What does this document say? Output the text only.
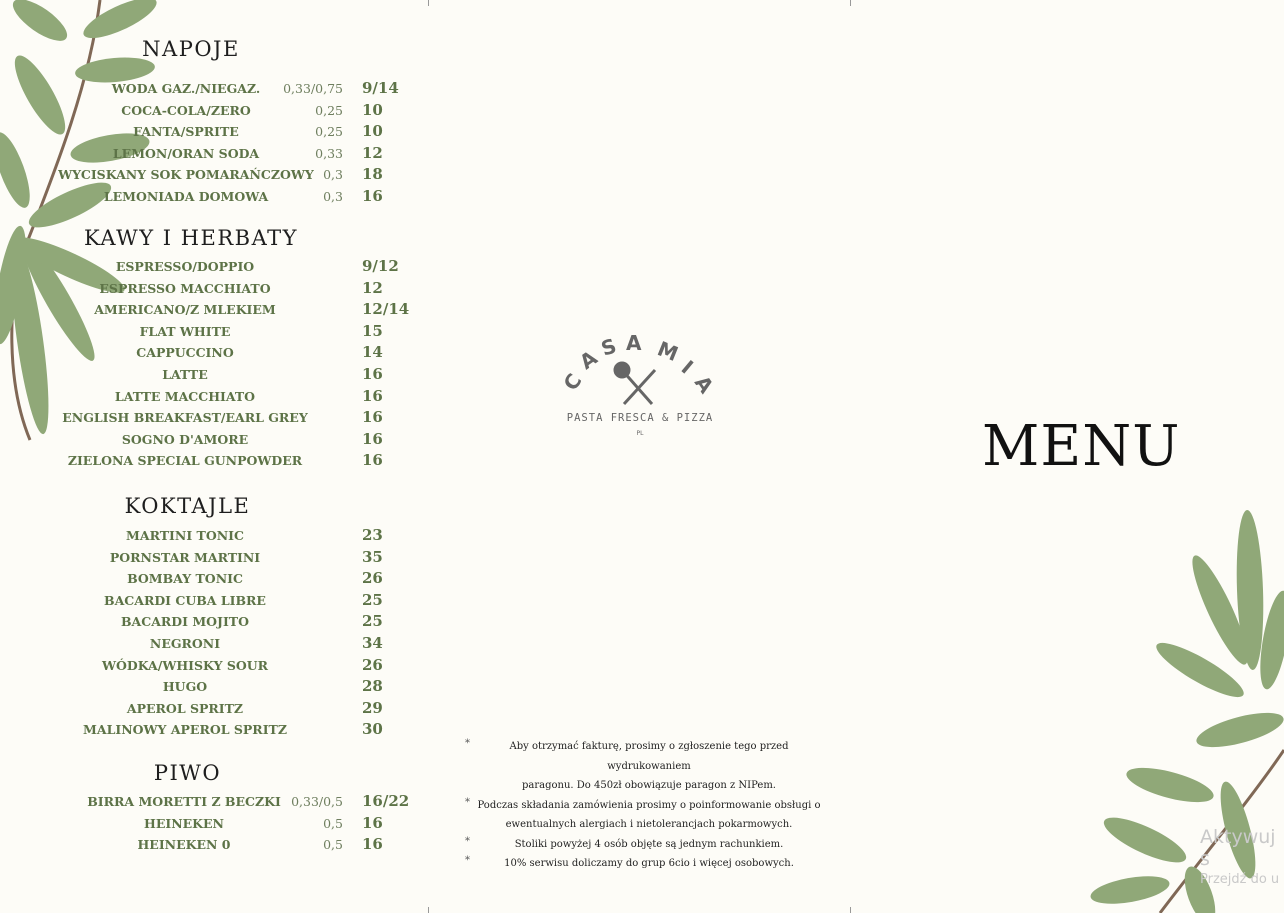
NAPOJE
WODA GAZ./NIEGAZ.	0,33/0,75 9/14
COCA-COLA/ZERO	0,25 10
FANTA/SPRITE	0,25 10
LEMON/ORAN SODA	0,33 12
WYCISKANY SOK POMARAŃCZOWY 0,3 18
LEMONIADA DOMOWA	0,3 16
KAWY I HERBATY
ESPRESSO/DOPPIO	9/12
ESPRESSO MACCHIATO	12
AMERICANO/Z MLEKIEM	12/14
FLAT WHITE	15
CAPPUCCINO	14
LATTE	16
LATTE MACCHIATO	16
ENGLISH BREAKFAST/EARL GREY	16
SOGNO D'AMORE	16
ZIELONA SPECIAL GUNPOWDER	16
KOKTAJLE
MARTINI TONIC	23
PORNSTAR MARTINI	35
BOMBAY TONIC	26
BACARDI CUBA LIBRE	25
BACARDI MOJITO	25
NEGRONI	34
WÓDKA/WHISKY SOUR	26
HUGO	28
APEROL SPRITZ	29
MALINOWY APEROL SPRITZ	30
PIWO
BIRRA MORETTI Z BECZKI 0,33/0,5 16/22
HEINEKEN	0,5 16
HEINEKEN 0	0,5 16
C
A
S A M
I
A
PASTA FRESCA & PIZZA
PL
*	Aby otrzymać fakturę, prosimy o zgłoszenie tego przed wydrukowaniem
paragonu. Do 450zł obowiązuje paragon z NIPem.
* Podczas składania zamówienia prosimy o poinformowanie obsługi o
ewentualnych alergiach i nietolerancjach pokarmowych.
*	Stoliki powyżej 4 osób objęte są jednym rachunkiem.
*	10% serwisu doliczamy do grup 6cio i więcej osobowych.
MENU
Aktywuj s
Przejdź do u
